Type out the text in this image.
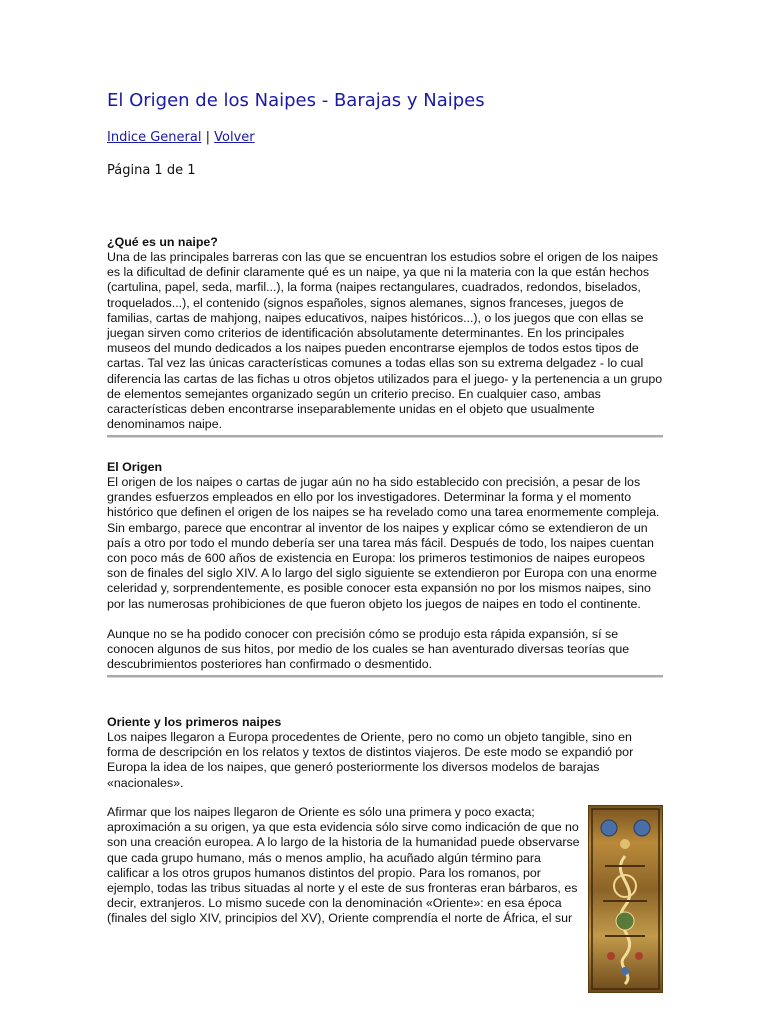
El Origen de los Naipes - Barajas y Naipes
Indice General | Volver
Página 1 de 1
¿Qué es un naipe?

Una de las principales barreras con las que se encuentran los estudios sobre el origen de los naipes es la dificultad de definir claramente qué es un naipe, ya que ni la materia con la que están hechos (cartulina, papel, seda, marfil...), la forma (naipes rectangulares, cuadrados, redondos, biselados, troquelados...), el contenido (signos españoles, signos alemanes, signos franceses, juegos de familias, cartas de mahjong, naipes educativos, naipes históricos...), o los juegos que con ellas se juegan sirven como criterios de identificación absolutamente determinantes. En los principales museos del mundo dedicados a los naipes pueden encontrarse ejemplos de todos estos tipos de cartas. Tal vez las únicas características comunes a todas ellas son su extrema delgadez - lo cual diferencia las cartas de las fichas u otros objetos utilizados para el juego- y la pertenencia a un grupo de elementos semejantes organizado según un criterio preciso. En cualquier caso, ambas características deben encontrarse inseparablemente unidas en el objeto que usualmente denominamos naipe.

El Origen

El origen de los naipes o cartas de jugar aún no ha sido establecido con precisión, a pesar de los grandes esfuerzos empleados en ello por los investigadores. Determinar la forma y el momento histórico que definen el origen de los naipes se ha revelado como una tarea enormemente compleja. Sin embargo, parece que encontrar al inventor de los naipes y explicar cómo se extendieron de un país a otro por todo el mundo debería ser una tarea más fácil. Después de todo, los naipes cuentan con poco más de 600 años de existencia en Europa: los primeros testimonios de naipes europeos son de finales del siglo XIV. A lo largo del siglo siguiente se extendieron por Europa con una enorme celeridad y, sorprendentemente, es posible conocer esta expansión no por los mismos naipes, sino por las numerosas prohibiciones de que fueron objeto los juegos de naipes en todo el continente.

Aunque no se ha podido conocer con precisión cómo se produjo esta rápida expansión, sí se conocen algunos de sus hitos, por medio de los cuales se han aventurado diversas teorías que descubrimientos posteriores han confirmado o desmentido.

Oriente y los primeros naipes

Los naipes llegaron a Europa procedentes de Oriente, pero no como un objeto tangible, sino en forma de descripción en los relatos y textos de distintos viajeros. De este modo se expandió por Europa la idea de los naipes, que generó posteriormente los diversos modelos de barajas «nacionales».

Afirmar que los naipes llegaron de Oriente es sólo una primera y poco exacta; aproximación a su origen, ya que esta evidencia sólo sirve como indicación de que no son una creación europea. A lo largo de la historia de la humanidad puede observarse que cada grupo humano, más o menos amplio, ha acuñado algún término para calificar a los otros grupos humanos distintos del propio. Para los romanos, por ejemplo, todas las tribus situadas al norte y el este de sus fronteras eran bárbaros, es decir, extranjeros. Lo mismo sucede con la denominación «Oriente»: en esa época (finales del siglo XIV, principios del XV), Oriente comprendía el norte de África, el sur
